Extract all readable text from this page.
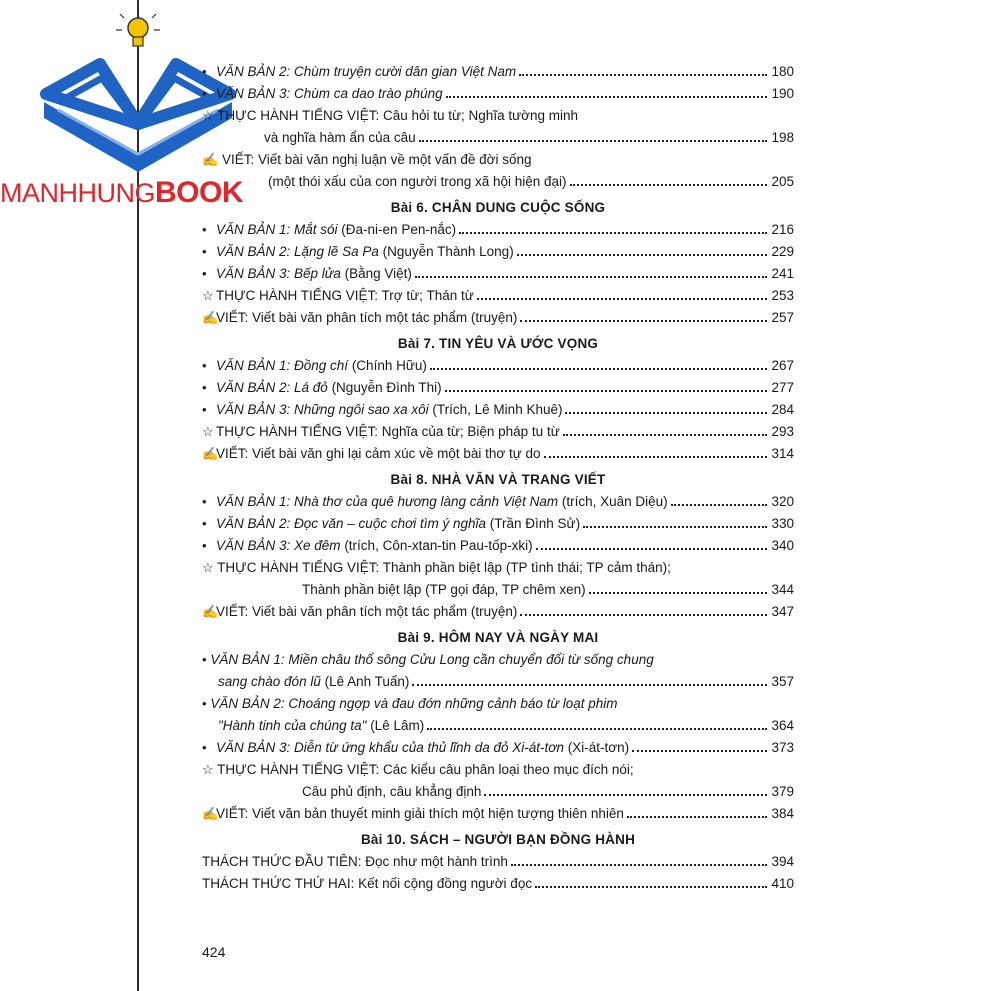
MANHHUNGBOOK
• VĂN BẢN 2: Chùm truyện cười dân gian Việt Nam	180
• VĂN BẢN 3: Chùm ca dao trào phúng	190
☆ THỰC HÀNH TIẾNG VIỆT: Câu hỏi tu từ; Nghĩa tường minh
và nghĩa hàm ẩn của câu	198
✍ VIẾT: Viết bài văn nghị luận về một vấn đề đời sống
(một thói xấu của con người trong xã hội hiện đại)	205
Bài 6. CHÂN DUNG CUỘC SỐNG
• VĂN BẢN 1: Mắt sói (Đa-ni-en Pen-nắc)	216
• VĂN BẢN 2: Lặng lẽ Sa Pa (Nguyễn Thành Long)	229
• VĂN BẢN 3: Bếp lửa (Bằng Việt)	241
☆ THỰC HÀNH TIẾNG VIỆT: Trợ từ; Thán từ	253
✍
VIẾT: Viết bài văn phân tích một tác phẩm (truyện)	257
Bài 7. TIN YÊU VÀ ƯỚC VỌNG
• VĂN BẢN 1: Đồng chí (Chính Hữu)	267
• VĂN BẢN 2: Lá đỏ (Nguyễn Đình Thi)	277
• VĂN BẢN 3: Những ngôi sao xa xôi (Trích, Lê Minh Khuê)	284
☆ THỰC HÀNH TIẾNG VIỆT: Nghĩa của từ; Biện pháp tu từ	293
✍
VIẾT: Viết bài văn ghi lại cảm xúc về một bài thơ tự do	314
Bài 8. NHÀ VĂN VÀ TRANG VIẾT
• VĂN BẢN 1: Nhà thơ của quê hương làng cảnh Việt Nam (trích, Xuân Diệu)	320
• VĂN BẢN 2: Đọc văn – cuộc chơi tìm ý nghĩa (Trần Đình Sử)	330
• VĂN BẢN 3: Xe đêm (trích, Côn-xtan-tin Pau-tốp-xki)	340
☆ THỰC HÀNH TIẾNG VIỆT: Thành phần biệt lập (TP tình thái; TP cảm thán);
Thành phần biệt lập (TP gọi đáp, TP chêm xen)	344
✍
VIẾT: Viết bài văn phân tích một tác phẩm (truyện)	347
Bài 9. HÔM NAY VÀ NGÀY MAI
• VĂN BẢN 1: Miền châu thổ sông Cửu Long cần chuyển đổi từ sống chung
sang chào đón lũ (Lê Anh Tuấn)	357
• VĂN BẢN 2: Choáng ngợp và đau đớn những cảnh báo từ loạt phim
"Hành tinh của chúng ta" (Lê Lâm)	364
• VĂN BẢN 3: Diễn từ ứng khẩu của thủ lĩnh da đỏ Xi-át-tơn (Xi-át-tơn)	373
☆ THỰC HÀNH TIẾNG VIỆT: Các kiểu câu phân loại theo mục đích nói;
Câu phủ định, câu khẳng định	379
✍
VIẾT: Viết văn bản thuyết minh giải thích một hiện tượng thiên nhiên	384
Bài 10. SÁCH – NGƯỜI BẠN ĐỒNG HÀNH
THÁCH THỨC ĐẦU TIÊN: Đọc như một hành trình	394
THÁCH THỨC THỨ HAI: Kết nối cộng đồng người đọc	410
424
